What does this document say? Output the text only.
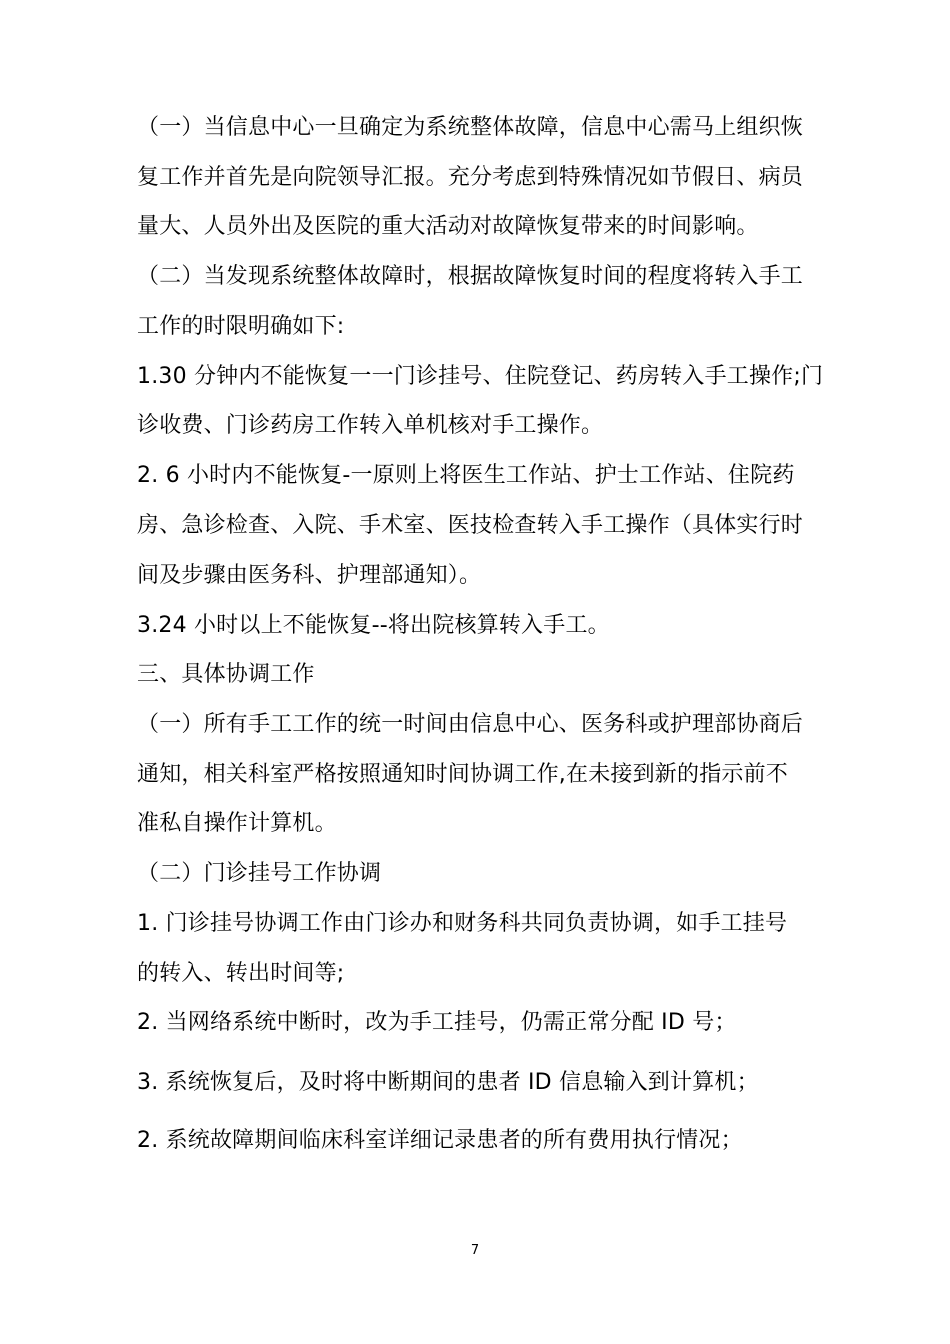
（一）当信息中心一旦确定为系统整体故障，信息中心需马上组织恢
复工作并首先是向院领导汇报。充分考虑到特殊情况如节假日、病员
量大、人员外出及医院的重大活动对故障恢复带来的时间影响。
（二）当发现系统整体故障时，根据故障恢复时间的程度将转入手工
工作的时限明确如下:
1.30 分钟内不能恢复一一门诊挂号、住院登记、药房转入手工操作;门
诊收费、门诊药房工作转入单机核对手工操作。
2. 6 小时内不能恢复-一原则上将医生工作站、护士工作站、住院药
房、急诊检查、入院、手术室、医技检查转入手工操作（具体实行时
间及步骤由医务科、护理部通知）。
3.24 小时以上不能恢复--将出院核算转入手工。
三、具体协调工作
（一）所有手工工作的统一时间由信息中心、医务科或护理部协商后
通知，相关科室严格按照通知时间协调工作,在未接到新的指示前不
准私自操作计算机。
（二）门诊挂号工作协调
1. 门诊挂号协调工作由门诊办和财务科共同负责协调，如手工挂号
的转入、转出时间等;
2. 当网络系统中断时，改为手工挂号，仍需正常分配 ID 号；
3. 系统恢复后，及时将中断期间的患者 ID 信息输入到计算机；
2. 系统故障期间临床科室详细记录患者的所有费用执行情况；
7
